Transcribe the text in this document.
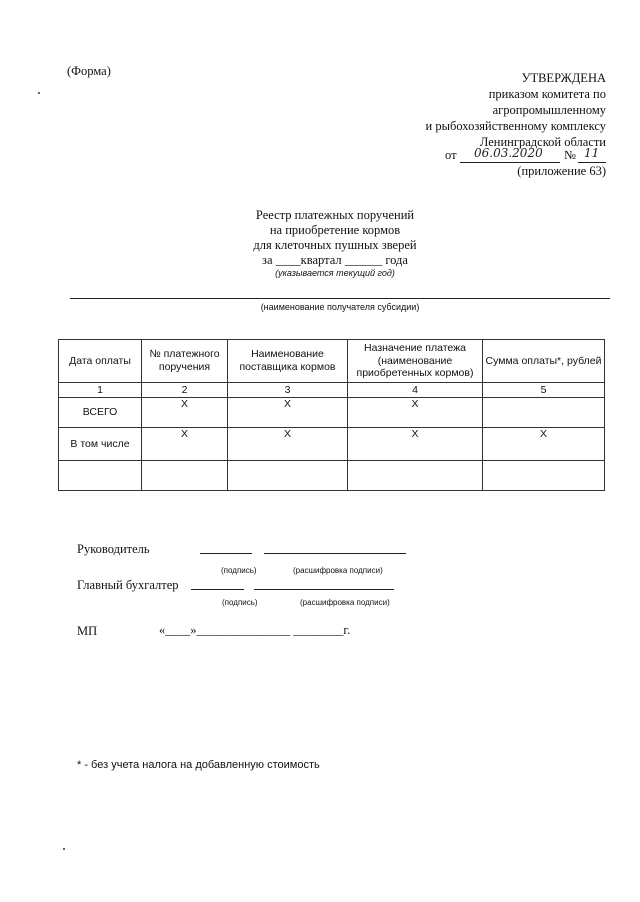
(Форма)	УТВЕРЖДЕНА
приказом комитета по
агропромышленному
и рыбохозяйственному комплексу
Ленинградской области
от 06.03.2020 № 11
(приложение 63)
Реестр платежных поручений
на приобретение кормов
для клеточных пушных зверей
за ____квартал ______ года
(указывается текущий год)
(наименование получателя субсидии)
Дата оплаты	№ платежного поручения	Наименование поставщика кормов	Назначение платежа (наименование приобретенных кормов)	Сумма оплаты*, рублей
1	2	3	4	5
ВСЕГО	Х	Х	Х	
В том числе	Х	Х	Х	Х

Руководитель
(подпись)	(расшифровка подписи)
Главный бухгалтер
(подпись)	(расшифровка подписи)
МП	«____»_______________ ________г.
* - без учета налога на добавленную стоимость
